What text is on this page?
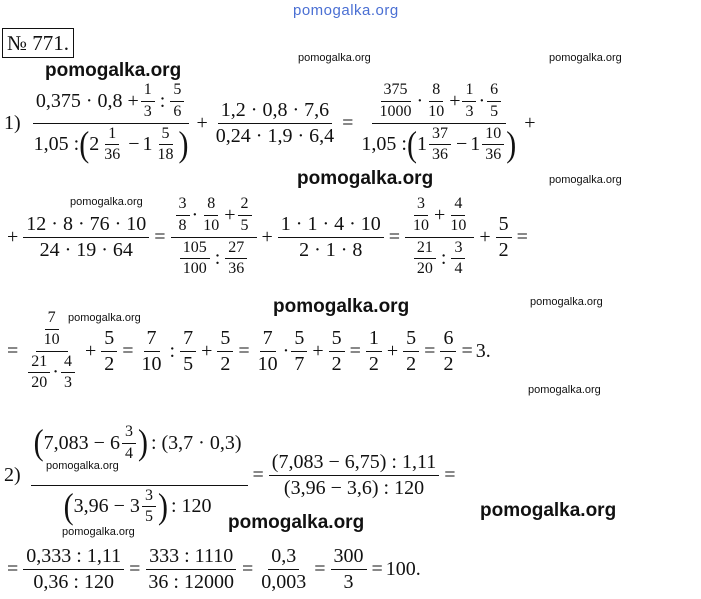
pomogalka.org
pomogalka.org
pomogalka.org	pomogalka.org
pomogalka.org
pomogalka.org	pomogalka.org
pomogalka.org
pomogalka.org
pomogalka.org
pomogalka.org
pomogalka.org
pomogalka.org
pomogalka.org
pomogalka.org
№ 771.
$1) \frac{0,375 \cdot 0,8 + \frac{1}{3} : \frac{5}{6}}{1,05 : ( 2 \frac{1}{36} - 1 \frac{5}{18} )} + \frac{1,2 \cdot 0,8 \cdot 7,6}{0,24 \cdot 1,9 \cdot 6,4} = \frac{\frac{375}{1000} \cdot \frac{8}{10} + \frac{1}{3} \cdot \frac{6}{5}}{1,05 : ( 1 \frac{37}{36} - 1 \frac{10}{36} )}$ +
+ $\frac{12 \cdot 8 \cdot 76 \cdot 10}{24 \cdot 19 \cdot 64} = \frac{\frac{3}{8} \cdot \frac{8}{10} + \frac{2}{5}}{\frac{105}{100} : \frac{27}{36}} + \frac{1 \cdot 1 \cdot 4 \cdot 10}{2 \cdot 1 \cdot 8} = \frac{\frac{3}{10} + \frac{4}{10}}{\frac{21}{20} : \frac{3}{4}} + \frac{5}{2}$ =
= $\frac{\frac{7}{10}}{\frac{21}{20} \cdot \frac{4}{3}} + \frac{5}{2} = \frac{7}{10}$ : $\frac{7}{5} + \frac{5}{2} = \frac{7}{10} \cdot \frac{5}{7} + \frac{5}{2} = \frac{1}{2} + \frac{5}{2} = \frac{6}{2} = 3$.
$2) \frac{( 7,083 - 6 \frac{3}{4} ) : (3,7 \cdot 0,3)}{( 3,96 - 3 \frac{3}{5} ) : 120} = \frac{(7,083 - 6,75) : 1,11}{(3,96 - 3,6) : 120}$ =
= $\frac{0,333 : 1,11}{0,36 : 120} = \frac{333 : 1110}{36 : 12000} = \frac{0,3}{0,003} = \frac{300}{3} = 100$.
